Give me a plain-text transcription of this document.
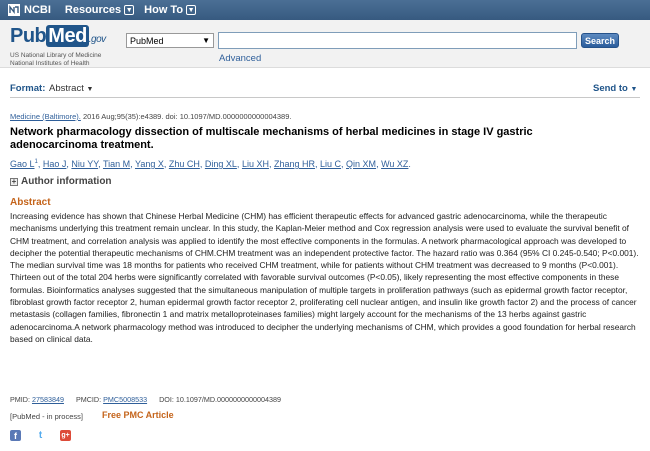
NCBI Resources ▼ How To ▼
Pub Med .gov
US National Library of Medicine
National Institutes of Health
PubMed	▼	Search
Advanced
Format: Abstract ▼	Send to ▼
Medicine (Baltimore). 2016 Aug;95(35):e4389. doi: 10.1097/MD.0000000000004389.
Network pharmacology dissection of multiscale mechanisms of herbal medicines in stage IV gastric adenocarcinoma treatment.
Gao $L^1$, Hao J, Niu YY, Tian M, Yang X, Zhu CH, Ding XL, Liu XH, Zhang HR, Liu C, Qin XM, Wu XZ.
+ Author information
Abstract
Increasing evidence has shown that Chinese Herbal Medicine (CHM) has efficient therapeutic effects for advanced gastric adenocarcinoma, while the therapeutic mechanisms underlying this treatment remain unclear. In this study, the Kaplan-Meier method and Cox regression analysis were used to evaluate the survival benefit of CHM treatment, and correlation analysis was applied to identify the most effective components in the formulas. A network pharmacological approach was developed to decipher the potential therapeutic mechanisms of CHM.CHM treatment was an independent protective factor. The hazard ratio was 0.364 (95% CI 0.245-0.540; P<0.001). The median survival time was 18 months for patients who received CHM treatment, while for patients without CHM treatment was decreased to 9 months (P<0.001). Thirteen out of the total 204 herbs were significantly correlated with favorable survival outcomes (P<0.05), likely representing the most effective components in these formulas. Bioinformatics analyses suggested that the simultaneous manipulation of multiple targets in proliferation pathways (such as epidermal growth factor receptor, fibroblast growth factor receptor 2, human epidermal growth factor receptor 2, proliferating cell nuclear antigen, and insulin like growth factor 2) and the process of cancer metastasis (collagen families, fibronectin 1 and matrix metalloproteinases families) might largely account for the mechanisms of the 13 herbs against gastric adenocarcinoma.A network pharmacology method was introduced to decipher the underlying mechanisms of CHM, which provides a good foundation for herbal research based on clinical data.
PMID: 27583849 PMCID: PMC5008533 DOI: 10.1097/MD.0000000000004389
[PubMed - in process] Free PMC Article
f	t	g+
